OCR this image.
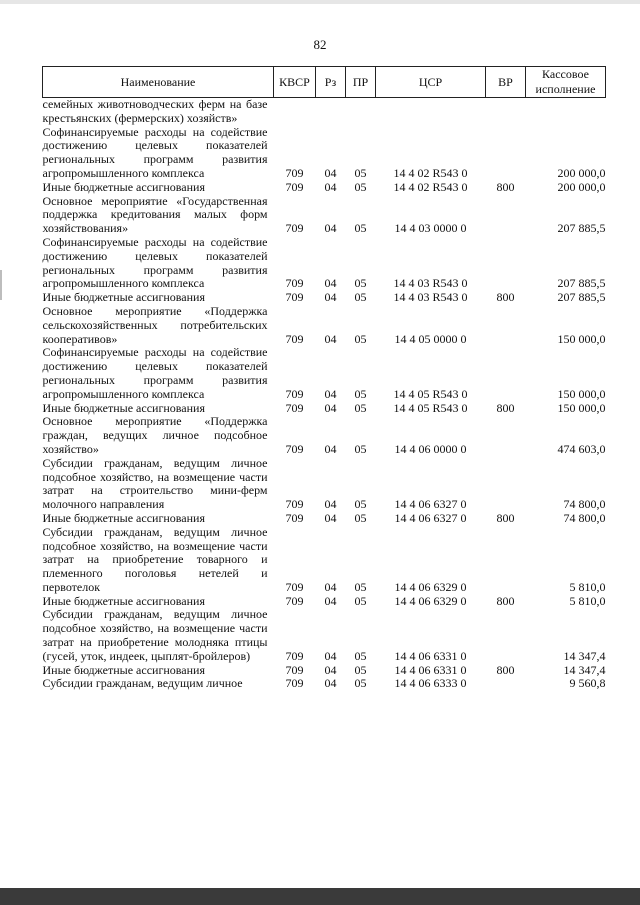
82
Наименование	КВСР	Рз	ПР	ЦСР	ВР	Кассовое исполнение
семейных животноводческих ферм на базе крестьянских (фермерских) хозяйств»						
Софинансируемые расходы на содействие достижению целевых показателей региональных программ развития агропромышленного комплекса	709	04	05	14 4 02 R543 0		200 000,0
Иные бюджетные ассигнования	709	04	05	14 4 02 R543 0	800	200 000,0
Основное мероприятие «Государственная поддержка кредитования малых форм хозяйствования»	709	04	05	14 4 03 0000 0		207 885,5
Софинансируемые расходы на содействие достижению целевых показателей региональных программ развития агропромышленного комплекса	709	04	05	14 4 03 R543 0		207 885,5
Иные бюджетные ассигнования	709	04	05	14 4 03 R543 0	800	207 885,5
Основное мероприятие «Поддержка сельскохозяйственных потребительских кооперативов»	709	04	05	14 4 05 0000 0		150 000,0
Софинансируемые расходы на содействие достижению целевых показателей региональных программ развития агропромышленного комплекса	709	04	05	14 4 05 R543 0		150 000,0
Иные бюджетные ассигнования	709	04	05	14 4 05 R543 0	800	150 000,0
Основное мероприятие «Поддержка граждан, ведущих личное подсобное хозяйство»	709	04	05	14 4 06 0000 0		474 603,0
Субсидии гражданам, ведущим личное подсобное хозяйство, на возмещение части затрат на строительство мини-ферм молочного направления	709	04	05	14 4 06 6327 0		74 800,0
Иные бюджетные ассигнования	709	04	05	14 4 06 6327 0	800	74 800,0
Субсидии гражданам, ведущим личное подсобное хозяйство, на возмещение части затрат на приобретение товарного и племенного поголовья нетелей и первотелок	709	04	05	14 4 06 6329 0		5 810,0
Иные бюджетные ассигнования	709	04	05	14 4 06 6329 0	800	5 810,0
Субсидии гражданам, ведущим личное подсобное хозяйство, на возмещение части затрат на приобретение молодняка птицы (гусей, уток, индеек, цыплят-бройлеров)	709	04	05	14 4 06 6331 0		14 347,4
Иные бюджетные ассигнования	709	04	05	14 4 06 6331 0	800	14 347,4
Субсидии гражданам, ведущим личное	709	04	05	14 4 06 6333 0		9 560,8
